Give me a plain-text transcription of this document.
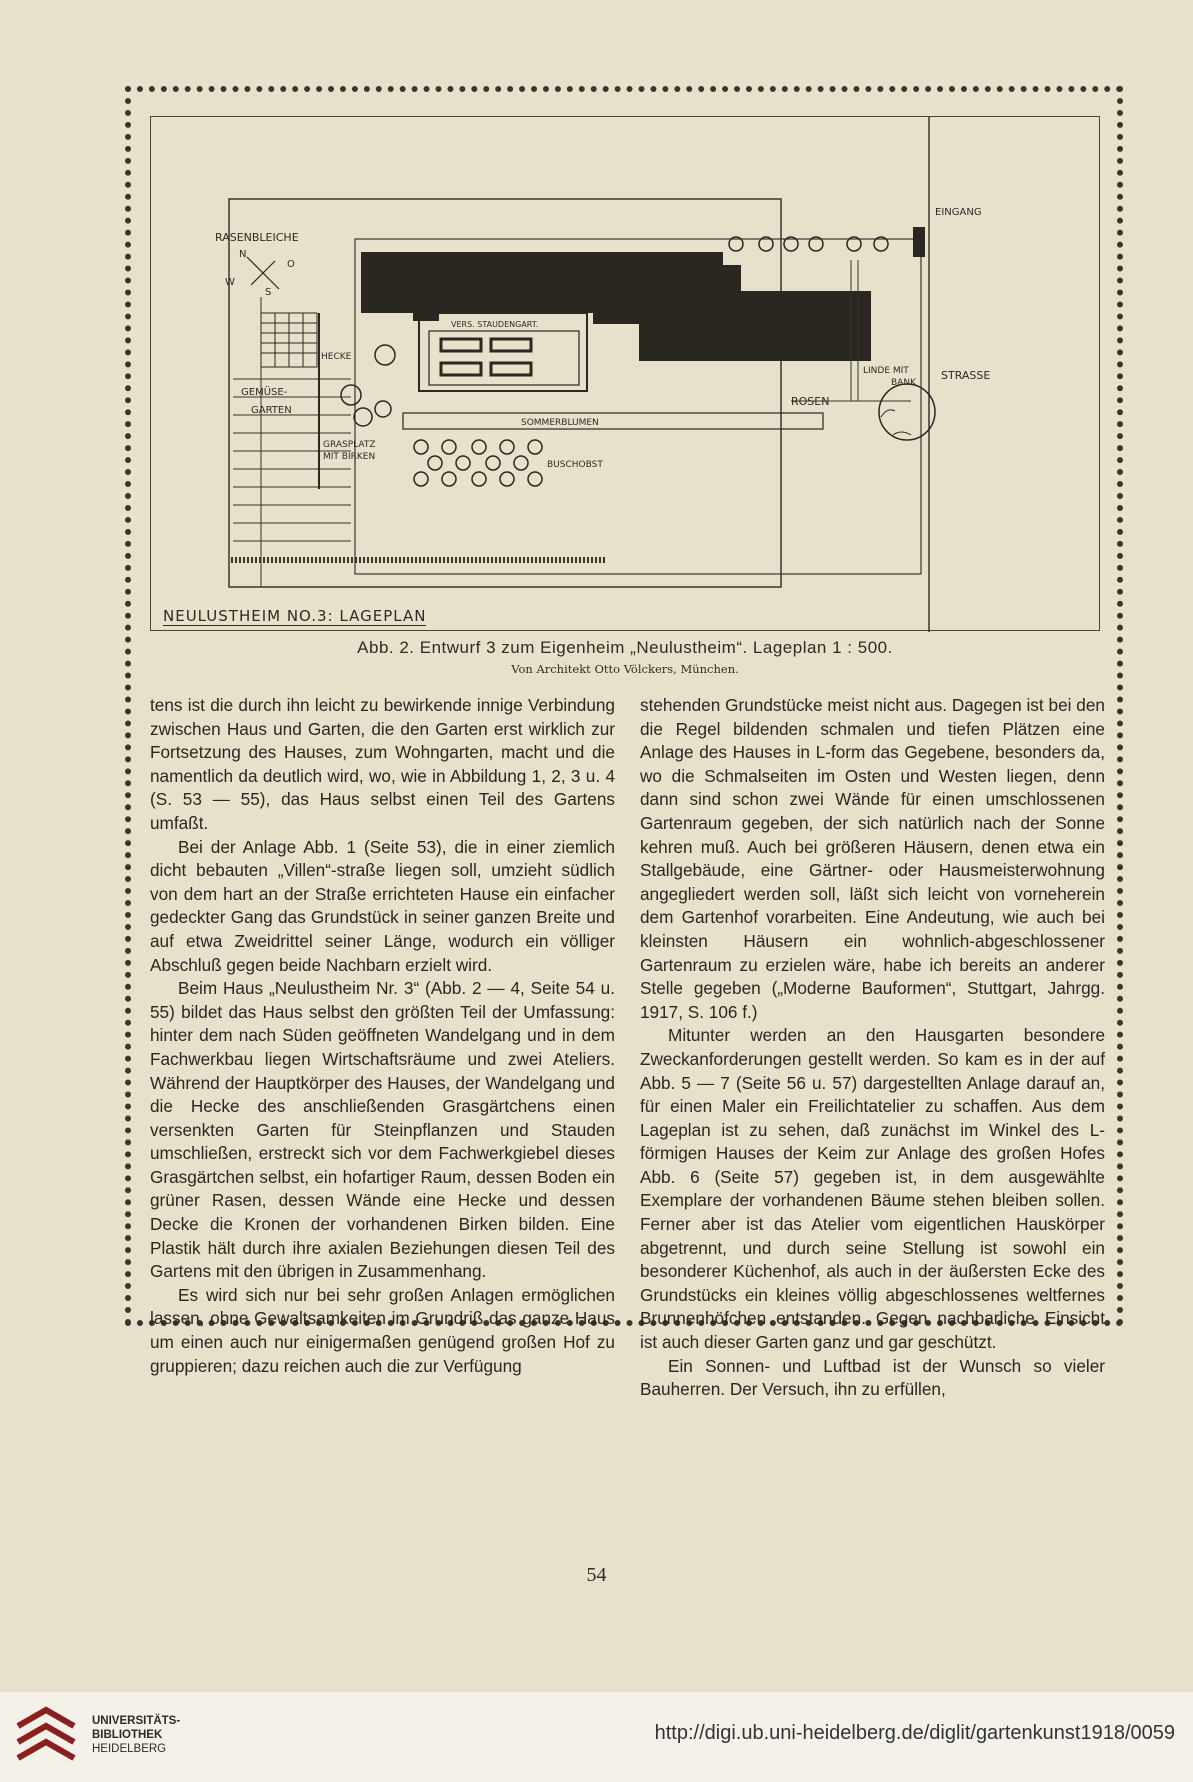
RASENBLEICHE
N
O
W
S
EINGANG
STRASSE
VERS. STAUDENGART.
HECKE
GEMÜSE-
GARTEN
ROSEN
LINDE MIT
BANK
SOMMERBLUMEN
GRASPLATZ
MIT BIRKEN
BUSCHOBST
NEULUSTHEIM NO.3: LAGEPLAN
Abb. 2. Entwurf 3 zum Eigenheim „Neulustheim“. Lageplan 1 : 500.
Von Architekt Otto Völckers, München.

tens ist die durch ihn leicht zu bewirkende innige Verbindung zwischen Haus und Garten, die den Garten erst wirklich zur Fortsetzung des Hauses, zum Wohngarten, macht und die namentlich da deutlich wird, wo, wie in Abbildung 1, 2, 3 u. 4 (S. 53 — 55), das Haus selbst einen Teil des Gartens umfaßt.

Bei der Anlage Abb. 1 (Seite 53), die in einer ziemlich dicht bebauten „Villen“-straße liegen soll, umzieht südlich von dem hart an der Straße errichteten Hause ein einfacher gedeckter Gang das Grundstück in seiner ganzen Breite und auf etwa Zweidrittel seiner Länge, wodurch ein völliger Abschluß gegen beide Nachbarn erzielt wird.

Beim Haus „Neulustheim Nr. 3“ (Abb. 2 — 4, Seite 54 u. 55) bildet das Haus selbst den größten Teil der Umfassung: hinter dem nach Süden geöffneten Wandelgang und in dem Fachwerkbau liegen Wirtschaftsräume und zwei Ateliers. Während der Hauptkörper des Hauses, der Wandelgang und die Hecke des anschließenden Grasgärtchens einen versenkten Garten für Steinpflanzen und Stauden umschließen, erstreckt sich vor dem Fachwerkgiebel dieses Grasgärtchen selbst, ein hofartiger Raum, dessen Boden ein grüner Rasen, dessen Wände eine Hecke und dessen Decke die Kronen der vorhandenen Birken bilden. Eine Plastik hält durch ihre axialen Beziehungen diesen Teil des Gartens mit den übrigen in Zusammenhang.

Es wird sich nur bei sehr großen Anlagen ermöglichen lassen, ohne Gewaltsamkeiten im Grundriß das ganze Haus um einen auch nur einigermaßen genügend großen Hof zu gruppieren; dazu reichen auch die zur Verfügung

stehenden Grundstücke meist nicht aus. Dagegen ist bei den die Regel bildenden schmalen und tiefen Plätzen eine Anlage des Hauses in L-form das Gegebene, besonders da, wo die Schmalseiten im Osten und Westen liegen, denn dann sind schon zwei Wände für einen umschlossenen Gartenraum gegeben, der sich natürlich nach der Sonne kehren muß. Auch bei größeren Häusern, denen etwa ein Stallgebäude, eine Gärtner- oder Hausmeisterwohnung angegliedert werden soll, läßt sich leicht von vorneherein dem Gartenhof vorarbeiten. Eine Andeutung, wie auch bei kleinsten Häusern ein wohnlich-abgeschlossener Gartenraum zu erzielen wäre, habe ich bereits an anderer Stelle gegeben („Moderne Bauformen“, Stuttgart, Jahrgg. 1917, S. 106 f.)

Mitunter werden an den Hausgarten besondere Zweckanforderungen gestellt werden. So kam es in der auf Abb. 5 — 7 (Seite 56 u. 57) dargestellten Anlage darauf an, für einen Maler ein Freilichtatelier zu schaffen. Aus dem Lageplan ist zu sehen, daß zunächst im Winkel des L-förmigen Hauses der Keim zur Anlage des großen Hofes Abb. 6 (Seite 57) gegeben ist, in dem ausgewählte Exemplare der vorhandenen Bäume stehen bleiben sollen. Ferner aber ist das Atelier vom eigentlichen Hauskörper abgetrennt, und durch seine Stellung ist sowohl ein besonderer Küchenhof, als auch in der äußersten Ecke des Grundstücks ein kleines völlig abgeschlossenes weltfernes Brunnenhöfchen entstanden. Gegen nachbarliche Einsicht ist auch dieser Garten ganz und gar geschützt.

Ein Sonnen- und Luftbad ist der Wunsch so vieler Bauherren. Der Versuch, ihn zu erfüllen,

54
UNIVERSITÄTS-
BIBLIOTHEK
HEIDELBERG
http://digi.ub.uni-heidelberg.de/diglit/gartenkunst1918/0059
